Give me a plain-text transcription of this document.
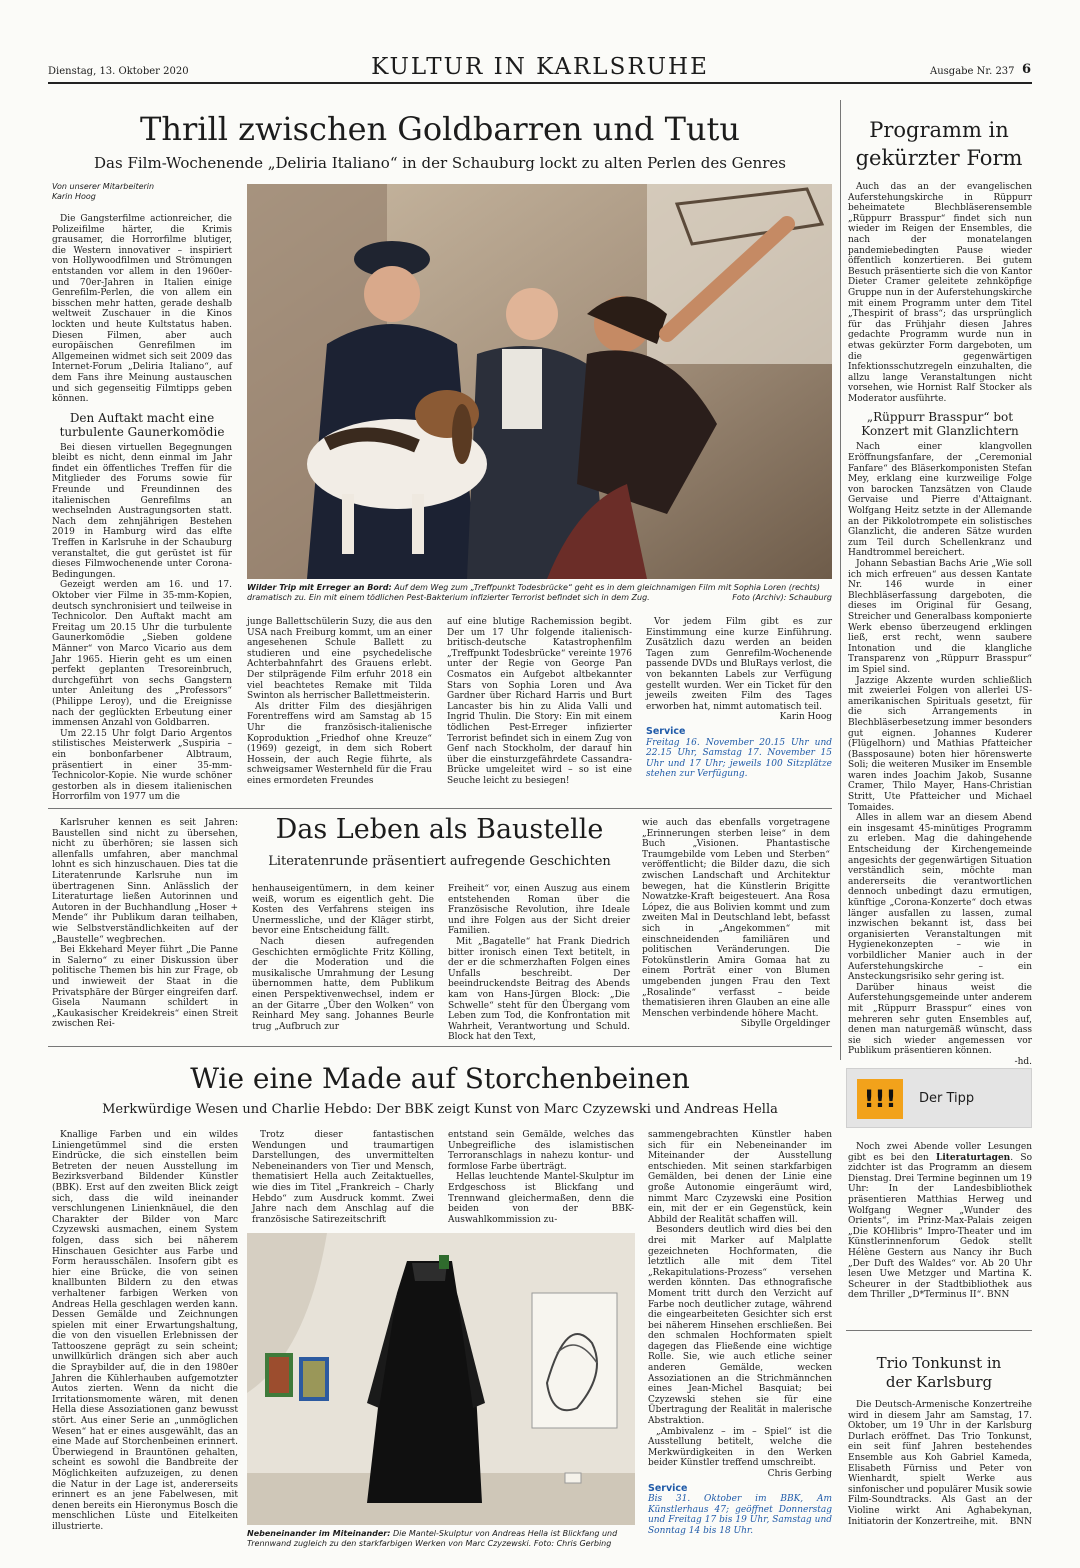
Dienstag, 13. Oktober 2020	KULTUR IN KARLSRUHE	Ausgabe Nr. 237 6
Thrill zwischen Goldbarren und Tutu
Das Film-Wochenende „Deliria Italiano“ in der Schauburg lockt zu alten Perlen des Genres
Von unserer Mitarbeiterin
Karin Hoog

Die Gangsterfilme actionreicher, die Polizeifilme härter, die Krimis grausamer, die Horrorfilme blutiger, die Western innovativer – inspiriert von Hollywoodfilmen und Strömungen entstanden vor allem in den 1960er- und 70er-Jahren in Italien einige Genrefilm-Perlen, die von allem ein bisschen mehr hatten, gerade deshalb weltweit Zuschauer in die Kinos lockten und heute Kultstatus haben. Diesen Filmen, aber auch europäischen Genrefilmen im Allgemeinen widmet sich seit 2009 das Internet-Forum „Deliria Italiano“, auf dem Fans ihre Meinung austauschen und sich gegenseitig Filmtipps geben können.

Den Auftakt macht eine turbulente Gaunerkomödie

Bei diesen virtuellen Begegnungen bleibt es nicht, denn einmal im Jahr findet ein öffentliches Treffen für die Mitglieder des Forums sowie für Freunde und Freundinnen des italienischen Genrefilms an wechselnden Austragungsorten statt. Nach dem zehnjährigen Bestehen 2019 in Hamburg wird das elfte Treffen in Karlsruhe in der Schauburg veranstaltet, die gut gerüstet ist für dieses Filmwochenende unter Corona-Bedingungen.

Gezeigt werden am 16. und 17. Oktober vier Filme in 35-mm-Kopien, deutsch synchronisiert und teilweise in Technicolor. Den Auftakt macht am Freitag um 20.15 Uhr die turbulente Gaunerkomödie „Sieben goldene Männer“ von Marco Vicario aus dem Jahr 1965. Hierin geht es um einen perfekt geplanten Tresoreinbruch, durchgeführt von sechs Gangstern unter Anleitung des „Professors“ (Philippe Leroy), und die Ereignisse nach der geglückten Erbeutung einer immensen Anzahl von Goldbarren.

Um 22.15 Uhr folgt Dario Argentos stilistisches Meisterwerk „Suspiria – ein bonbonfarbener Albtraum, präsentiert in einer 35-mm-Technicolor-Kopie. Nie wurde schöner gestorben als in diesem italienischen Horrorfilm von 1977 um die

Wilder Trip mit Erreger an Bord: Auf dem Weg zum „Treffpunkt Todesbrücke“ geht es in dem gleichnamigen Film mit Sophia Loren (rechts) dramatisch zu. Ein mit einem tödlichen Pest-Bakterium infizierter Terrorist befindet sich in dem Zug.	Foto (Archiv): Schauburg

junge Ballettschülerin Suzy, die aus den USA nach Freiburg kommt, um an einer angesehenen Schule Ballett zu studieren und eine psychedelische Achterbahnfahrt des Grauens erlebt. Der stilprägende Film erfuhr 2018 ein viel beachtetes Remake mit Tilda Swinton als herrischer Ballettmeisterin.

Als dritter Film des diesjährigen Forentreffens wird am Samstag ab 15 Uhr die französisch-italienische Koproduktion „Friedhof ohne Kreuze“ (1969) gezeigt, in dem sich Robert Hossein, der auch Regie führte, als schweigsamer Westernheld für die Frau eines ermordeten Freundes

auf eine blutige Rachemission begibt. Der um 17 Uhr folgende italienisch-britisch-deutsche Katastrophenfilm „Treffpunkt Todesbrücke“ vereinte 1976 unter der Regie von George Pan Cosmatos ein Aufgebot altbekannter Stars von Sophia Loren und Ava Gardner über Richard Harris und Burt Lancaster bis hin zu Alida Valli und Ingrid Thulin. Die Story: Ein mit einem tödlichen Pest-Erreger infizierter Terrorist befindet sich in einem Zug von Genf nach Stockholm, der darauf hin über die einsturzgefährdete Cassandra-Brücke umgeleitet wird – so ist eine Seuche leicht zu besiegen!

Vor jedem Film gibt es zur Einstimmung eine kurze Einführung. Zusätzlich dazu werden an beiden Tagen zum Genrefilm-Wochenende passende DVDs und BluRays verlost, die von bekannten Labels zur Verfügung gestellt wurden. Wer ein Ticket für den jeweils zweiten Film des Tages erworben hat, nimmt automatisch teil.

Karin Hoog
Service
Freitag 16. November 20.15 Uhr und 22.15 Uhr, Samstag 17. November 15 Uhr und 17 Uhr; jeweils 100 Sitzplätze stehen zur Verfügung.
Programm in gekürzter Form

Auch das an der evangelischen Auferstehungskirche in Rüppurr beheimatete Blechbläserensemble „Rüppurr Brasspur“ findet sich nun wieder im Reigen der Ensembles, die nach der monatelangen pandemiebedingten Pause wieder öffentlich konzertieren. Bei gutem Besuch präsentierte sich die von Kantor Dieter Cramer geleitete zehnköpfige Gruppe nun in der Auferstehungskirche mit einem Programm unter dem Titel „Thespirit of brass“; das ursprünglich für das Frühjahr diesen Jahres gedachte Programm wurde nun in etwas gekürzter Form dargeboten, um die gegenwärtigen Infektionsschutzregeln einzuhalten, die allzu lange Veranstaltungen nicht vorsehen, wie Hornist Ralf Stocker als Moderator ausführte.

„Rüppurr Brasspur“ bot Konzert mit Glanzlichtern

Nach einer klangvollen Eröffnungsfanfare, der „Ceremonial Fanfare“ des Bläserkomponisten Stefan Mey, erklang eine kurzweilige Folge von barocken Tanzsätzen von Claude Gervaise und Pierre d'Attaignant. Wolfgang Heitz setzte in der Allemande an der Pikkolotrompete ein solistisches Glanzlicht, die anderen Sätze wurden zum Teil durch Schellenkranz und Handtrommel bereichert.

Johann Sebastian Bachs Arie „Wie soll ich mich erfreuen“ aus dessen Kantate Nr. 146 wurde in einer Blechbläserfassung dargeboten, die dieses im Original für Gesang, Streicher und Generalbass komponierte Werk ebenso überzeugend erklingen ließ, erst recht, wenn saubere Intonation und die klangliche Transparenz von „Rüppurr Brasspur“ im Spiel sind.

Jazzige Akzente wurden schließlich mit zweierlei Folgen von allerlei US-amerikanischen Spirituals gesetzt, für die sich Arrangements in Blechbläserbesetzung immer besonders gut eignen. Johannes Kuderer (Flügelhorn) und Mathias Pfatteicher (Bassposaune) boten hier hörenswerte Soli; die weiteren Musiker im Ensemble waren indes Joachim Jakob, Susanne Cramer, Thilo Mayer, Hans-Christian Stritt, Ute Pfatteicher und Michael Tomaides.

Alles in allem war an diesem Abend ein insgesamt 45-minütiges Programm zu erleben. Mag die dahingehende Entscheidung der Kirchengemeinde angesichts der gegenwärtigen Situation verständlich sein, möchte man andererseits die verantwortlichen dennoch unbedingt dazu ermutigen, künftige „Corona-Konzerte“ doch etwas länger ausfallen zu lassen, zumal inzwischen bekannt ist, dass bei organisierten Veranstaltungen mit Hygienekonzepten – wie in vorbildlicher Manier auch in der Auferstehungskirche – ein Ansteckungsrisiko sehr gering ist.

Darüber hinaus weist die Auferstehungsgemeinde unter anderem mit „Rüppurr Brasspur“ eines von mehreren sehr guten Ensembles auf, denen man naturgemäß wünscht, dass sie sich wieder angemessen vor Publikum präsentieren können.

-hd.

Karlsruher kennen es seit Jahren: Baustellen sind nicht zu übersehen, nicht zu überhören; sie lassen sich allenfalls umfahren, aber manchmal lohnt es sich hinzuschauen. Dies tat die Literatenrunde Karlsruhe nun im übertragenen Sinn. Anlässlich der Literaturtage ließen Autorinnen und Autoren in der Buchhandlung „Hoser + Mende“ ihr Publikum daran teilhaben, wie Selbstverständlichkeiten auf der „Baustelle“ wegbrechen.

Bei Ekkehard Meyer führt „Die Panne in Salerno“ zu einer Diskussion über politische Themen bis hin zur Frage, ob und inwieweit der Staat in die Privatsphäre der Bürger eingreifen darf. Gisela Naumann schildert in „Kaukasischer Kreidekreis“ einen Streit zwischen Rei-

Das Leben als Baustelle
Literatenrunde präsentiert aufregende Geschichten

henhauseigentümern, in dem keiner weiß, worum es eigentlich geht. Die Kosten des Verfahrens steigen ins Unermessliche, und der Kläger stirbt, bevor eine Entscheidung fällt.

Nach diesen aufregenden Geschichten ermöglichte Fritz Kölling, der die Moderation und die musikalische Umrahmung der Lesung übernommen hatte, dem Publikum einen Perspektivenwechsel, indem er an der Gitarre „Über den Wolken“ von Reinhard Mey sang. Johannes Beurle trug „Aufbruch zur

Freiheit“ vor, einen Auszug aus einem entstehenden Roman über die Französische Revolution, ihre Ideale und ihre Folgen aus der Sicht dreier Familien.

Mit „Bagatelle“ hat Frank Diedrich bitter ironisch einen Text betitelt, in der er die schmerzhaften Folgen eines Unfalls beschreibt. Der beeindruckendste Beitrag des Abends kam von Hans-Jürgen Block: „Die Schwelle“ steht für den Übergang vom Leben zum Tod, die Konfrontation mit Wahrheit, Verantwortung und Schuld. Block hat den Text,

wie auch das ebenfalls vorgetragene „Erinnerungen sterben leise“ in dem Buch „Visionen. Phantastische Traumgebilde vom Leben und Sterben“ veröffentlicht; die Bilder dazu, die sich zwischen Landschaft und Architektur bewegen, hat die Künstlerin Brigitte Nowatzke-Kraft beigesteuert. Ana Rosa López, die aus Bolivien kommt und zum zweiten Mal in Deutschland lebt, befasst sich in „Angekommen“ mit einschneidenden familiären und politischen Veränderungen. Die Fotokünstlerin Amira Gomaa hat zu einem Porträt einer von Blumen umgebenden jungen Frau den Text „Rosalinde“ verfasst – beide thematisieren ihren Glauben an eine alle Menschen verbindende höhere Macht.

Sibylle Orgeldinger
Wie eine Made auf Storchenbeinen
Merkwürdige Wesen und Charlie Hebdo: Der BBK zeigt Kunst von Marc Czyzewski und Andreas Hella

Knallige Farben und ein wildes Liniengetümmel sind die ersten Eindrücke, die sich einstellen beim Betreten der neuen Ausstellung im Bezirksverband Bildender Künstler (BBK). Erst auf den zweiten Blick zeigt sich, dass die wild ineinander verschlungenen Linienknäuel, die den Charakter der Bilder von Marc Czyzewski ausmachen, einem System folgen, dass sich bei näherem Hinschauen Gesichter aus Farbe und Form herausschälen. Insofern gibt es hier eine Brücke, die von seinen knallbunten Bildern zu den etwas verhaltener farbigen Werken von Andreas Hella geschlagen werden kann. Dessen Gemälde und Zeichnungen spielen mit einer Erwartungshaltung, die von den visuellen Erlebnissen der Tattooszene geprägt zu sein scheint; unwillkürlich drängen sich aber auch die Spraybilder auf, die in den 1980er Jahren die Kühlerhauben aufgemotzter Autos zierten. Wenn da nicht die Irritationsmomente wären, mit denen Hella diese Assoziationen ganz bewusst stört. Aus einer Serie an „unmöglichen Wesen“ hat er eines ausgewählt, das an eine Made auf Storchenbeinen erinnert. Überwiegend in Brauntönen gehalten, scheint es sowohl die Bandbreite der Möglichkeiten aufzuzeigen, zu denen die Natur in der Lage ist, andererseits erinnert es an jene Fabelwesen, mit denen bereits ein Hieronymus Bosch die menschlichen Lüste und Eitelkeiten illustrierte.

Trotz dieser fantastischen Wendungen und traumartigen Darstellungen, des unvermittelten Nebeneinanders von Tier und Mensch, thematisiert Hella auch Zeitaktuelles, wie dies im Titel „Frankreich – Charly Hebdo“ zum Ausdruck kommt. Zwei Jahre nach dem Anschlag auf die französische Satirezeitschrift

entstand sein Gemälde, welches das Unbegreifliche des islamistischen Terroranschlags in nahezu kontur- und formlose Farbe überträgt.

Hellas leuchtende Mantel-Skulptur im Erdgeschoss ist Blickfang und Trennwand gleichermaßen, denn die beiden von der BBK-Auswahlkommission zu-

Nebeneinander im Miteinander: Die Mantel-Skulptur von Andreas Hella ist Blickfang und Trennwand zugleich zu den starkfarbigen Werken von Marc Czyzewski. Foto: Chris Gerbing

sammengebrachten Künstler haben sich für ein Nebeneinander im Miteinander der Ausstellung entschieden. Mit seinen starkfarbigen Gemälden, bei denen der Linie eine große Autonomie eingeräumt wird, nimmt Marc Czyzewski eine Position ein, mit der er ein Gegenstück, kein Abbild der Realität schaffen will.

Besonders deutlich wird dies bei den drei mit Marker auf Malplatte gezeichneten Hochformaten, die letztlich alle mit dem Titel „Rekapitulations-Prozess“ versehen werden könnten. Das ethnografische Moment tritt durch den Verzicht auf Farbe noch deutlicher zutage, während die eingearbeiteten Gesichter sich erst bei näherem Hinsehen erschließen. Bei den schmalen Hochformaten spielt dagegen das Fließende eine wichtige Rolle. Sie, wie auch etliche seiner anderen Gemälde, wecken Assoziationen an die Strichmännchen eines Jean-Michel Basquiat; bei Czyzewski stehen sie für eine Übertragung der Realität in malerische Abstraktion.

„Ambivalenz – im – Spiel“ ist die Ausstellung betitelt, welche die Merkwürdigkeiten in den Werken beider Künstler treffend umschreibt.

Chris Gerbing
Service
Bis 31. Oktober im BBK, Am Künstlerhaus 47; geöffnet Donnerstag und Freitag 17 bis 19 Uhr, Samstag und Sonntag 14 bis 18 Uhr.
!!!	Der Tipp

Noch zwei Abende voller Lesungen gibt es bei den Literaturtagen. So zidchter ist das Programm an diesem Dienstag. Drei Termine beginnen um 19 Uhr: In der Landesbibliothek präsentieren Matthias Herweg und Wolfgang Wegner „Wunder des Orients“, im Prinz-Max-Palais zeigen „Die KOHlibris“ Impro-Theater und im Künstlerinnenforum Gedok stellt Hélène Gestern aus Nancy ihr Buch „Der Duft des Waldes“ vor. Ab 20 Uhr lesen Uwe Metzger und Martina K. Scheurer in der Stadtbibliothek aus dem Thriller „D*Terminus II“. BNN

Trio Tonkunst in der Karlsburg

Die Deutsch-Armenische Konzertreihe wird in diesem Jahr am Samstag, 17. Oktober, um 19 Uhr in der Karlsburg Durlach eröffnet. Das Trio Tonkunst, ein seit fünf Jahren bestehendes Ensemble aus Koh Gabriel Kameda, Elisabeth Fürniss und Peter von Wienhardt, spielt Werke aus sinfonischer und populärer Musik sowie Film-Soundtracks. Als Gast an der Violine wirkt Ani Aghabekynan, Initiatorin der Konzertreihe, mit.	BNN
